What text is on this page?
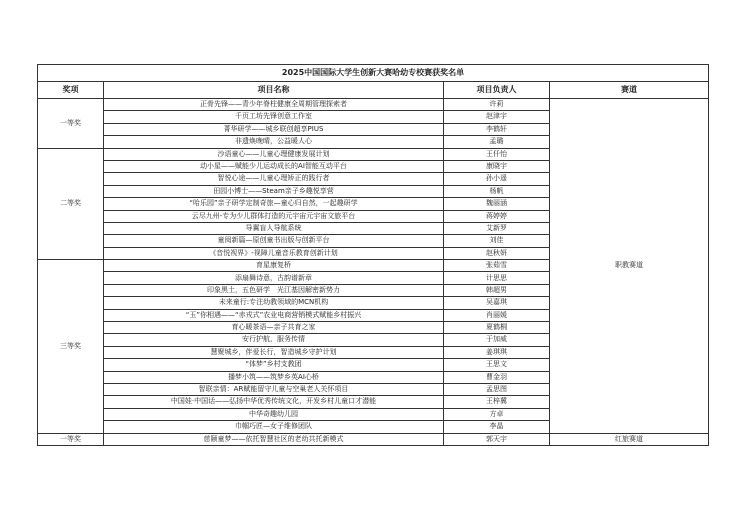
2025中国国际大学生创新大赛哈幼专校赛获奖名单			
奖项	项目名称	项目负责人	赛道
一等奖	正骨先锋——青少年脊柱健康全周期管理探索者	许莉	职教赛道
	千页工坊先锋创意工作室	赵津宇	
	菁华研学——城乡联创超享PIUS	李鹤轩	
	非遗焕晚晴，公益暖人心	孟璐	
二等奖	沙语童心——儿童心理健康发展计划	王仟怡	
	动小星——赋能少儿运动成长的AI智能互动平台	康晓宇	
	智悦心途——儿童心理矫正的践行者	孙小遥	
	田园小博士——Steam亲子乡趣悦享营	杨帆	
	“哈乐园”亲子研学定制奇旅—童心归自然，一起趣研学	魏丽涵	
	云尽九州-专为少儿群体打造的元宇宙元宇宙文旅平台	蒋婷婷	
	导翼盲人导航系统	艾新罗	
	童阅新篇—原创童书出版与创新平台	刘佳	
	《音悦视界》-视障儿童音乐教育创新计划	赵秋妍	
三等奖	育星康复桥	张茹雪	
	添扇舞诗意，古韵谱新章	计思思	
	印象黑土，五色研学　光江基因解密新势力	韩超男	
	未来童行:专注幼教领域的MCN机构	吴嘉琪	
	“玉”你相遇——“赤戎式”农业电商营销模式赋能乡村振兴	肖丽媛	
	育心暖茶语—亲子共育之家	夏鹤桐	
	安行护航，服务传情	于加威	
	慧聚城乡，伴爱长行，智造城乡守护计划	姜琪琪	
	“体梦”乡村支教团	王思文	
	播梦小筑——筑梦乡英AI心桥	曹金羽	
	智联亲情：AR赋能留守儿童与空巢老人关怀项目	孟思图	
	中国娃·中国话——弘扬中华优秀传统文化，开发乡村儿童口才潜能	王梓冀	
	中华奇趣幼儿园	方卓	
	巾帼巧匠—女子维修团队	李晶	
一等奖	慈颐童梦——依托智慧社区的老幼共托新模式	郭天宇	红旅赛道
